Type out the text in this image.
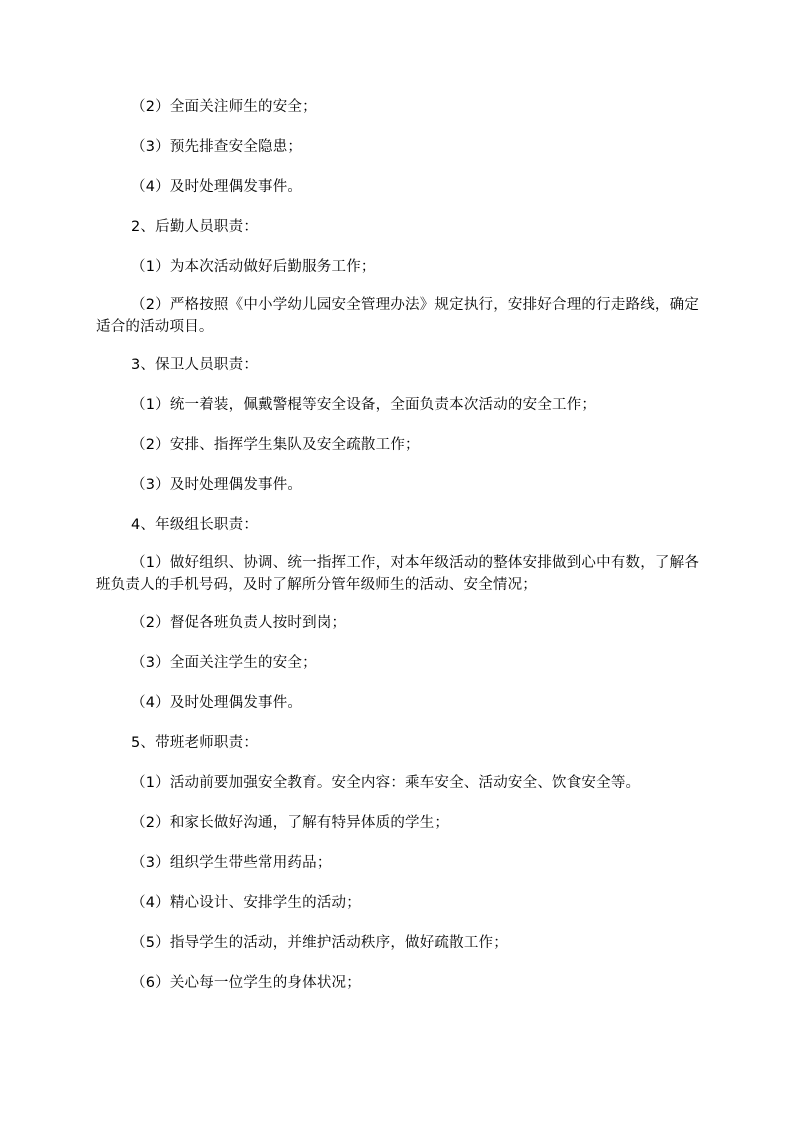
（2）全面关注师生的安全；
（3）预先排查安全隐患；
（4）及时处理偶发事件。
2、后勤人员职责：
（1）为本次活动做好后勤服务工作；
（2）严格按照《中小学幼儿园安全管理办法》规定执行，安排好合理的行走路线，确定适合的活动项目。
3、保卫人员职责：
（1）统一着装，佩戴警棍等安全设备，全面负责本次活动的安全工作；
（2）安排、指挥学生集队及安全疏散工作；
（3）及时处理偶发事件。
4、年级组长职责：
（1）做好组织、协调、统一指挥工作，对本年级活动的整体安排做到心中有数，了解各班负责人的手机号码，及时了解所分管年级师生的活动、安全情况；
（2）督促各班负责人按时到岗；
（3）全面关注学生的安全；
（4）及时处理偶发事件。
5、带班老师职责：
（1）活动前要加强安全教育。安全内容：乘车安全、活动安全、饮食安全等。
（2）和家长做好沟通，了解有特异体质的学生；
（3）组织学生带些常用药品；
（4）精心设计、安排学生的活动；
（5）指导学生的活动，并维护活动秩序，做好疏散工作；
（6）关心每一位学生的身体状况；
